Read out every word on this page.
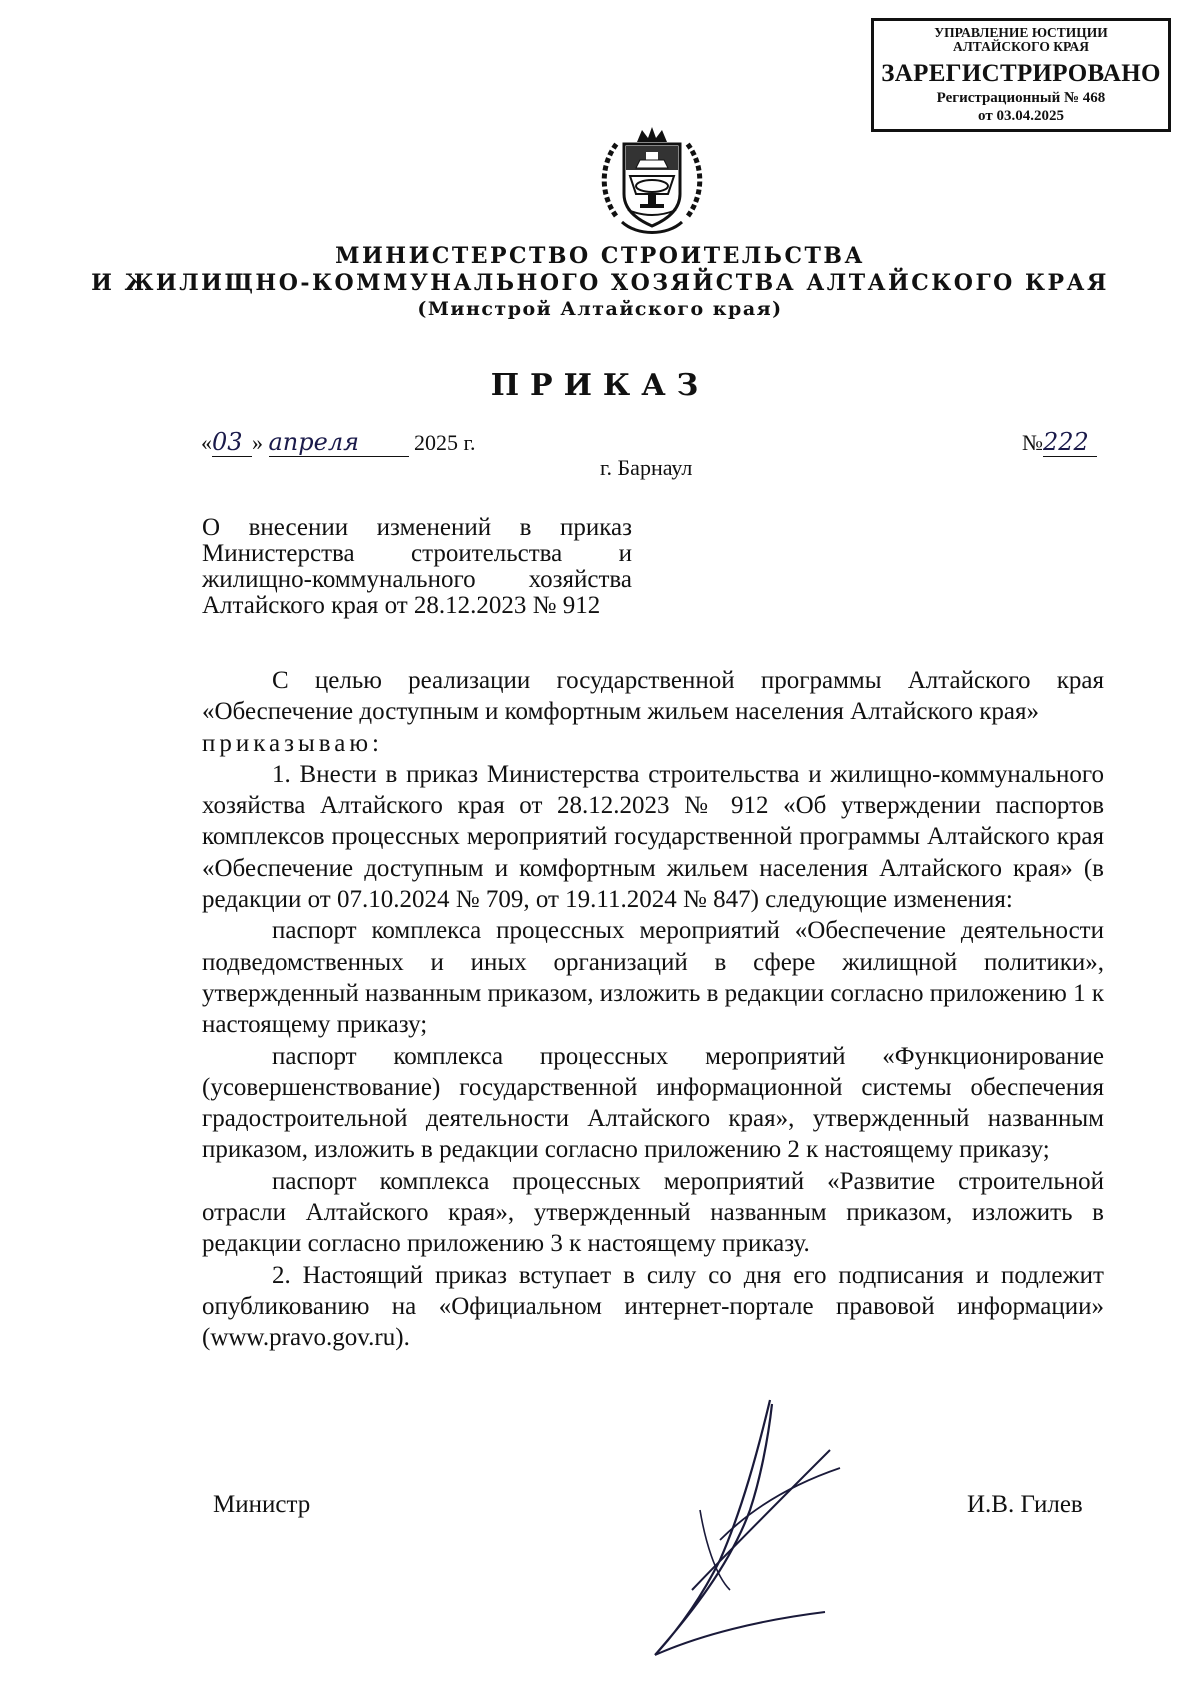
УПРАВЛЕНИЕ ЮСТИЦИИ
АЛТАЙСКОГО КРАЯ
ЗАРЕГИСТРИРОВАНО
Регистрационный № 468
от 03.04.2025
МИНИСТЕРСТВО СТРОИТЕЛЬСТВА
И ЖИЛИЩНО-КОММУНАЛЬНОГО ХОЗЯЙСТВА АЛТАЙСКОГО КРАЯ
(Минстрой Алтайского края)
ПРИКАЗ
«03 » апреля 2025 г.	№222
г. Барнаул
О внесении изменений в приказ
Министерства строительства и
жилищно-коммунального хозяйства
Алтайского края от 28.12.2023 № 912

С целью реализации государственной программы Алтайского края «Обеспечение доступным и комфортным жильем населения Алтайского края»

приказываю:

1. Внести в приказ Министерства строительства и жилищно-коммунального хозяйства Алтайского края от 28.12.2023 № 912 «Об утверждении паспортов комплексов процессных мероприятий государственной программы Алтайского края «Обеспечение доступным и комфортным жильем населения Алтайского края» (в редакции от 07.10.2024 № 709, от 19.11.2024 № 847) следующие изменения:

паспорт комплекса процессных мероприятий «Обеспечение деятельности подведомственных и иных организаций в сфере жилищной политики», утвержденный названным приказом, изложить в редакции согласно приложению 1 к настоящему приказу;

паспорт комплекса процессных мероприятий «Функционирование (усовершенствование) государственной информационной системы обеспечения градостроительной деятельности Алтайского края», утвержденный названным приказом, изложить в редакции согласно приложению 2 к настоящему приказу;

паспорт комплекса процессных мероприятий «Развитие строительной отрасли Алтайского края», утвержденный названным приказом, изложить в редакции согласно приложению 3 к настоящему приказу.

2. Настоящий приказ вступает в силу со дня его подписания и подлежит опубликованию на «Официальном интернет-портале правовой информации» (www.pravo.gov.ru).

Министр	И.В. Гилев
